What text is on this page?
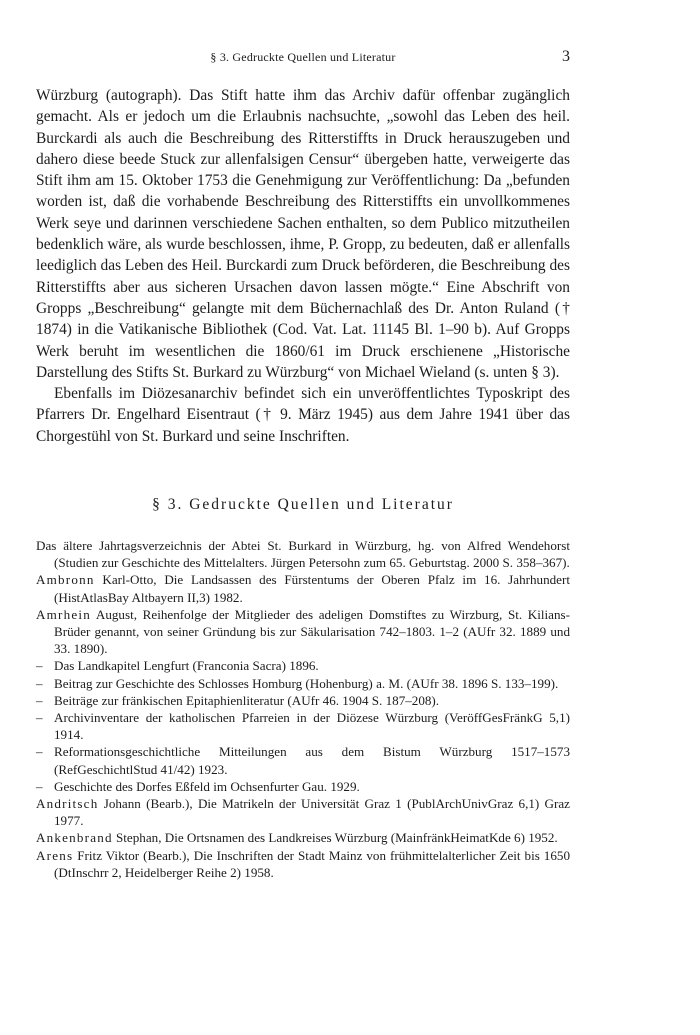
§ 3. Gedruckte Quellen und Literatur	3

Würzburg (autograph). Das Stift hatte ihm das Archiv dafür offenbar zugänglich gemacht. Als er jedoch um die Erlaubnis nachsuchte, „sowohl das Leben des heil. Burckardi als auch die Beschreibung des Ritterstiffts in Druck herauszugeben und dahero diese beede Stuck zur allenfalsigen Censur“ übergeben hatte, verweigerte das Stift ihm am 15. Oktober 1753 die Genehmigung zur Veröffentlichung: Da „befunden worden ist, daß die vorhabende Beschreibung des Ritterstiffts ein unvollkommenes Werk seye und darinnen verschiedene Sachen enthalten, so dem Publico mitzutheilen bedenklich wäre, als wurde beschlossen, ihme, P. Gropp, zu bedeuten, daß er allenfalls leediglich das Leben des Heil. Burckardi zum Druck beförderen, die Beschreibung des Ritterstiffts aber aus sicheren Ursachen davon lassen mögte.“ Eine Abschrift von Gropps „Beschreibung“ gelangte mit dem Büchernachlaß des Dr. Anton Ruland († 1874) in die Vatikanische Bibliothek (Cod. Vat. Lat. 11145 Bl. 1–90 b). Auf Gropps Werk beruht im wesentlichen die 1860/61 im Druck erschienene „Historische Darstellung des Stifts St. Burkard zu Würzburg“ von Michael Wieland (s. unten § 3).

Ebenfalls im Diözesanarchiv befindet sich ein unveröffentlichtes Typoskript des Pfarrers Dr. Engelhard Eisentraut († 9. März 1945) aus dem Jahre 1941 über das Chorgestühl von St. Burkard und seine Inschriften.

§ 3. Gedruckte Quellen und Literatur

Das ältere Jahrtagsverzeichnis der Abtei St. Burkard in Würzburg, hg. von Alfred Wendehorst (Studien zur Geschichte des Mittelalters. Jürgen Petersohn zum 65. Geburtstag. 2000 S. 358–367).

Ambronn Karl-Otto, Die Landsassen des Fürstentums der Oberen Pfalz im 16. Jahrhundert (HistAtlasBay Altbayern II,3) 1982.

Amrhein August, Reihenfolge der Mitglieder des adeligen Domstiftes zu Wirzburg, St. Kilians-Brüder genannt, von seiner Gründung bis zur Säkularisation 742–1803. 1–2 (AUfr 32. 1889 und 33. 1890).

– Das Landkapitel Lengfurt (Franconia Sacra) 1896.

– Beitrag zur Geschichte des Schlosses Homburg (Hohenburg) a. M. (AUfr 38. 1896 S. 133–199).

– Beiträge zur fränkischen Epitaphienliteratur (AUfr 46. 1904 S. 187–208).

– Archivinventare der katholischen Pfarreien in der Diözese Würzburg (VeröffGesFränkG 5,1) 1914.

– Reformationsgeschichtliche Mitteilungen aus dem Bistum Würzburg 1517–1573 (RefGeschichtlStud 41/42) 1923.

– Geschichte des Dorfes Eßfeld im Ochsenfurter Gau. 1929.

Andritsch Johann (Bearb.), Die Matrikeln der Universität Graz 1 (PublArchUnivGraz 6,1) Graz 1977.

Ankenbrand Stephan, Die Ortsnamen des Landkreises Würzburg (MainfränkHeimatKde 6) 1952.

Arens Fritz Viktor (Bearb.), Die Inschriften der Stadt Mainz von frühmittelalterlicher Zeit bis 1650 (DtInschrr 2, Heidelberger Reihe 2) 1958.
